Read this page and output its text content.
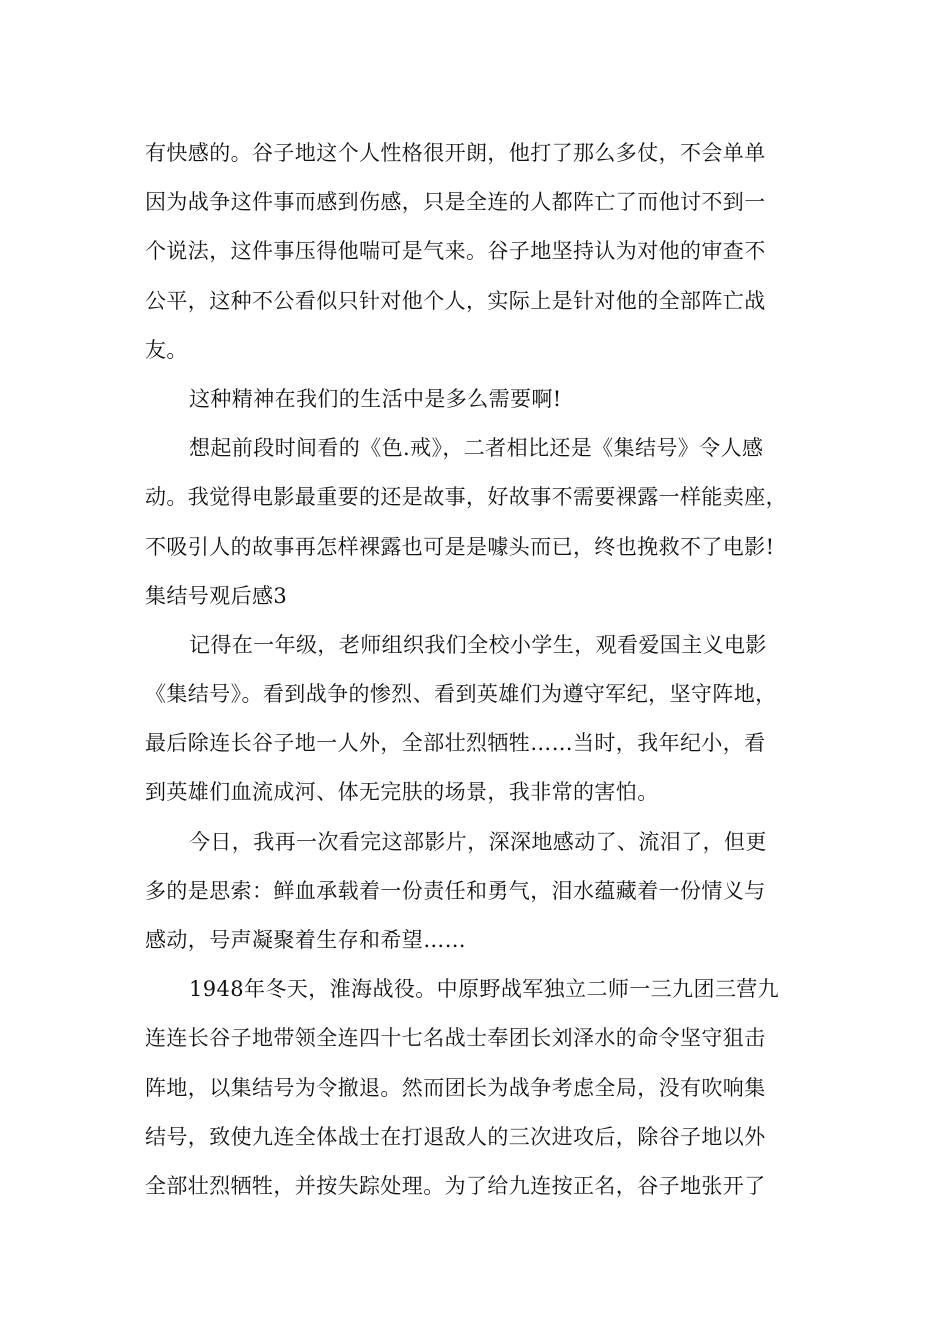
有快感的。谷子地这个人性格很开朗，他打了那么多仗，不会单单
因为战争这件事而感到伤感，只是全连的人都阵亡了而他讨不到一
个说法，这件事压得他喘可是气来。谷子地坚持认为对他的审查不
公平，这种不公看似只针对他个人，实际上是针对他的全部阵亡战
友。
这种精神在我们的生活中是多么需要啊!
想起前段时间看的《色.戒》，二者相比还是《集结号》令人感
动。我觉得电影最重要的还是故事，好故事不需要裸露一样能卖座，
不吸引人的故事再怎样裸露也可是是噱头而已，终也挽救不了电影!
集结号观后感3
记得在一年级，老师组织我们全校小学生，观看爱国主义电影
《集结号》。看到战争的惨烈、看到英雄们为遵守军纪，坚守阵地，
最后除连长谷子地一人外，全部壮烈牺牲……当时，我年纪小，看
到英雄们血流成河、体无完肤的场景，我非常的害怕。
今日，我再一次看完这部影片，深深地感动了、流泪了，但更
多的是思索：鲜血承载着一份责任和勇气，泪水蕴藏着一份情义与
感动，号声凝聚着生存和希望……
1948年冬天，淮海战役。中原野战军独立二师一三九团三营九
连连长谷子地带领全连四十七名战士奉团长刘泽水的命令坚守狙击
阵地，以集结号为令撤退。然而团长为战争考虑全局，没有吹响集
结号，致使九连全体战士在打退敌人的三次进攻后，除谷子地以外
全部壮烈牺牲，并按失踪处理。为了给九连按正名，谷子地张开了
